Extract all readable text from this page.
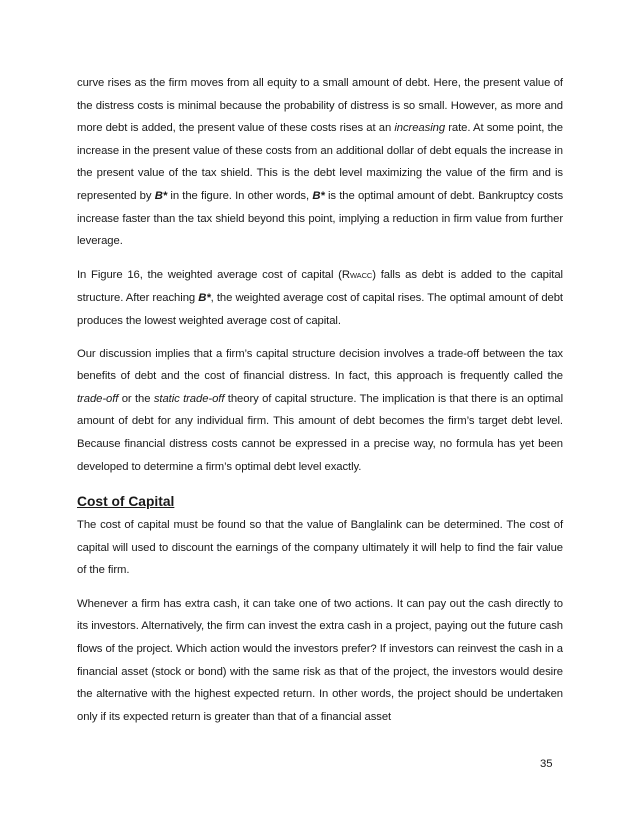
curve rises as the firm moves from all equity to a small amount of debt. Here, the present value of the distress costs is minimal because the probability of distress is so small. However, as more and more debt is added, the present value of these costs rises at an increasing rate. At some point, the increase in the present value of these costs from an additional dollar of debt equals the increase in the present value of the tax shield. This is the debt level maximizing the value of the firm and is represented by B* in the figure. In other words, B* is the optimal amount of debt. Bankruptcy costs increase faster than the tax shield beyond this point, implying a reduction in firm value from further leverage.

In Figure 16, the weighted average cost of capital (RWACC) falls as debt is added to the capital structure. After reaching B*, the weighted average cost of capital rises. The optimal amount of debt produces the lowest weighted average cost of capital.

Our discussion implies that a firm’s capital structure decision involves a trade-off between the tax benefits of debt and the cost of financial distress. In fact, this approach is frequently called the trade-off or the static trade-off theory of capital structure. The implication is that there is an optimal amount of debt for any individual firm. This amount of debt becomes the firm’s target debt level. Because financial distress costs cannot be expressed in a precise way, no formula has yet been developed to determine a firm’s optimal debt level exactly.

Cost of Capital

The cost of capital must be found so that the value of Banglalink can be determined. The cost of capital will used to discount the earnings of the company ultimately it will help to find the fair value of the firm.

Whenever a firm has extra cash, it can take one of two actions. It can pay out the cash directly to its investors. Alternatively, the firm can invest the extra cash in a project, paying out the future cash flows of the project. Which action would the investors prefer? If investors can reinvest the cash in a financial asset (stock or bond) with the same risk as that of the project, the investors would desire the alternative with the highest expected return. In other words, the project should be undertaken only if its expected return is greater than that of a financial asset

35
